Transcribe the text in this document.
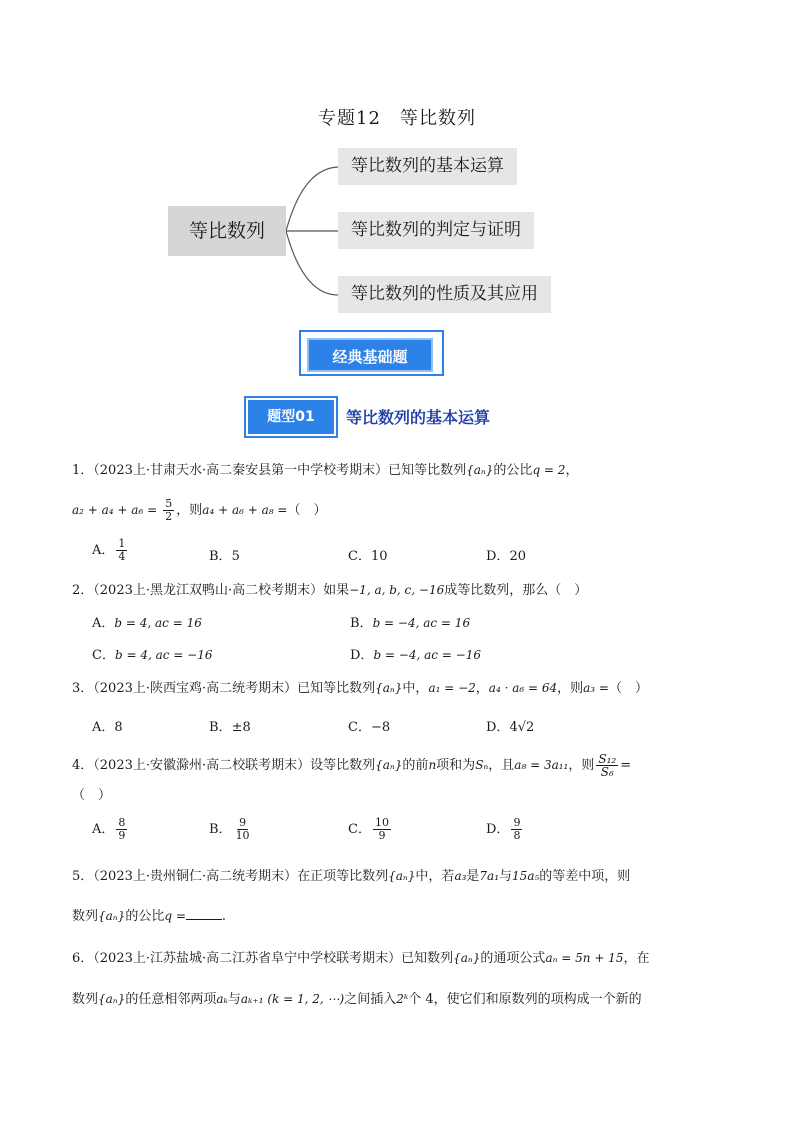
专题12　等比数列
等比数列
等比数列的基本运算
等比数列的判定与证明
等比数列的性质及其应用
经典基础题
题型01	等比数列的基本运算
1．（2023上·甘肃天水·高二秦安县第一中学校考期末）已知等比数列{aₙ}的公比q = 2，
$a_2 + a_4 + a_6 = \frac{5}{2}$ ，则a₄ + a₆ + a₈ =（　）
A． $\frac{1}{4}$	B．5	C．10	D．20
2．（2023上·黑龙江双鸭山·高二校考期末）如果−1, a, b, c, −16成等比数列，那么（　）
A．b = 4, ac = 16	B．b = −4, ac = 16
C．b = 4, ac = −16	D．b = −4, ac = −16
3．（2023上·陕西宝鸡·高二统考期末）已知等比数列{aₙ}中，a₁ = −2，a₄ · a₆ = 64，则a₃ =（　）
A．8	B．±8	C．−8	D．4√2
4．（2023上·安徽滁州·高二校联考期末）设等比数列{aₙ}的前n项和为Sₙ，且a₈ = 3a₁₁，则 $\frac{\text{S₁₂}}{\text{S₆}}$ =
（　）
A． $\frac{8}{9}$	B． $\frac{9}{10}$	C． $\frac{10}{9}$	D． $\frac{9}{8}$
5．（2023上·贵州铜仁·高二统考期末）在正项等比数列{aₙ}中，若a₃是7a₁与15a₅的等差中项，则
数列{aₙ}的公比q =	.
6．（2023上·江苏盐城·高二江苏省阜宁中学校联考期末）已知数列{aₙ}的通项公式aₙ = 5n + 15，在
数列{aₙ}的任意相邻两项aₖ与aₖ₊₁ (k = 1, 2, ⋯)之间插入2ᵏ个 4，使它们和原数列的项构成一个新的
